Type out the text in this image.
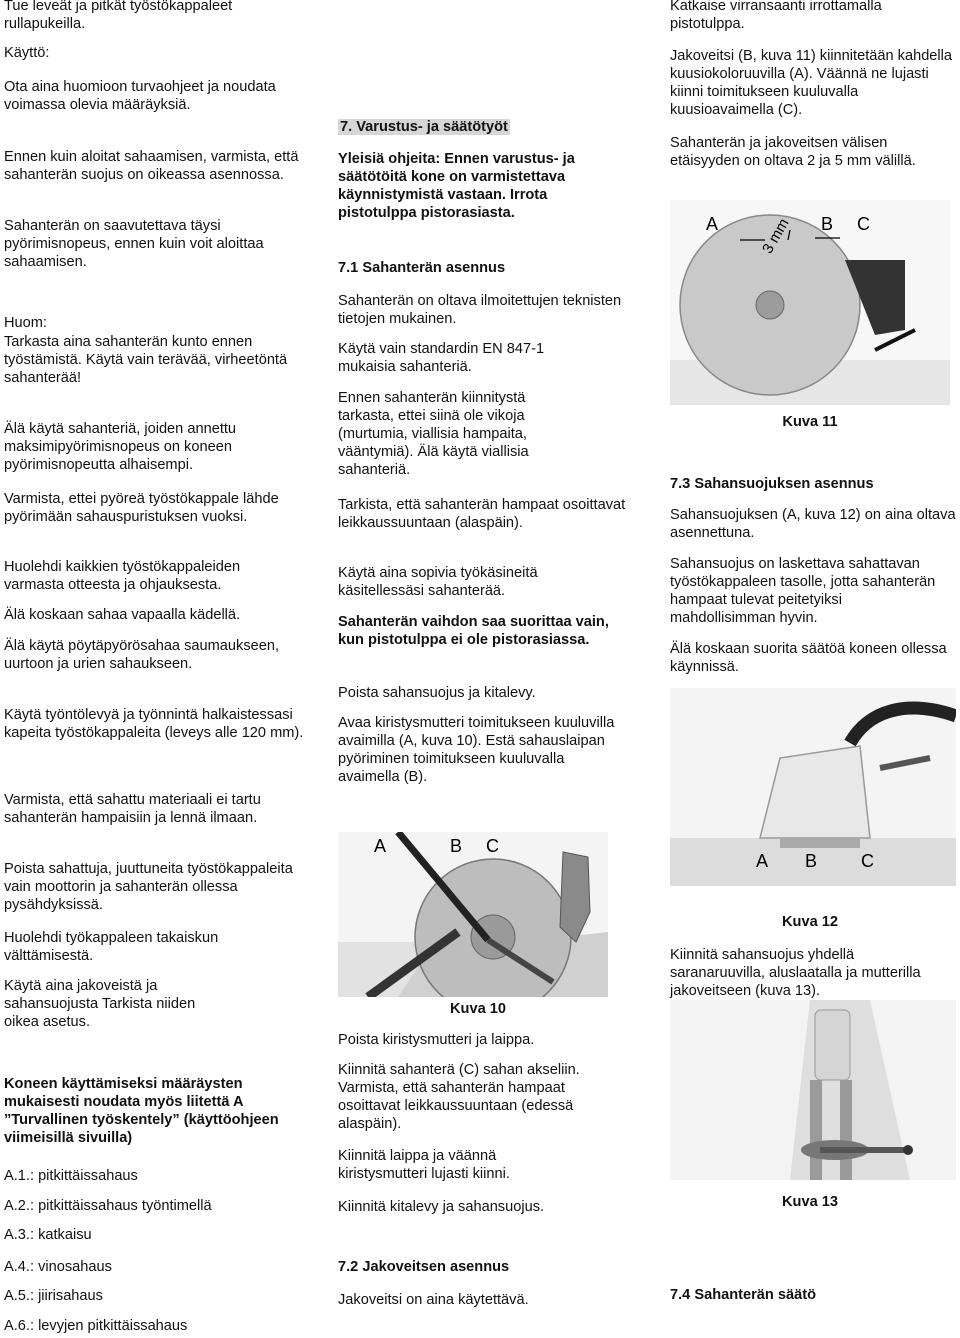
Tue leveät ja pitkät työstökappaleet rullapukeilla.

Käyttö:

Ota aina huomioon turvaohjeet ja noudata voimassa olevia määräyksiä.

Ennen kuin aloitat sahaamisen, varmista, että sahanterän suojus on oikeassa asennossa.

Sahanterän on saavutettava täysi pyörimisnopeus, ennen kuin voit aloittaa sahaamisen.

Huom:

Tarkasta aina sahanterän kunto ennen työstämistä. Käytä vain terävää, virheetöntä sahanterää!

Älä käytä sahanteriä, joiden annettu maksimipyörimisnopeus on koneen pyörimisnopeutta alhaisempi.

Varmista, ettei pyöreä työstökappale lähde pyörimään sahauspuristuksen vuoksi.

Huolehdi kaikkien työstökappaleiden varmasta otteesta ja ohjauksesta.

Älä koskaan sahaa vapaalla kädellä.

Älä käytä pöytäpyörösahaa saumaukseen, uurtoon ja urien sahaukseen.

Käytä työntölevyä ja työnnintä halkaistessasi kapeita työstökappaleita (leveys alle 120 mm).

Varmista, että sahattu materiaali ei tartu sahanterän hampaisiin ja lennä ilmaan.

Poista sahattuja, juuttuneita työstökappaleita vain moottorin ja sahanterän ollessa pysähdyksissä.

Huolehdi työkappaleen takaiskun välttämisestä.

Käytä aina jakoveistä ja sahansuojusta Tarkista niiden oikea asetus.

Koneen käyttämiseksi määräysten mukaisesti noudata myös liitettä A ”Turvallinen työskentely” (käyttöohjeen viimeisillä sivuilla)

A.1.: pitkittäissahaus

A.2.: pitkittäissahaus työntimellä

A.3.: katkaisu

A.4.: vinosahaus

A.5.: jiirisahaus

A.6.: levyjen pitkittäissahaus

7. Varustus- ja säätötyöt

Yleisiä ohjeita: Ennen varustus- ja säätötöitä kone on varmistettava käynnistymistä vastaan. Irrota pistotulppa pistorasiasta.

7.1 Sahanterän asennus

Sahanterän on oltava ilmoitettujen teknisten tietojen mukainen.

Käytä vain standardin EN 847-1 mukaisia sahanteriä.

Ennen sahanterän kiinnitystä tarkasta, ettei siinä ole vikoja (murtumia, viallisia hampaita, vääntymiä). Älä käytä viallisia sahanteriä.

Tarkista, että sahanterän hampaat osoittavat leikkaussuuntaan (alaspäin).

Käytä aina sopivia työkäsineitä käsitellessäsi sahanterää.

Sahanterän vaihdon saa suorittaa vain, kun pistotulppa ei ole pistorasiassa.

Poista sahansuojus ja kitalevy.

Avaa kiristysmutteri toimitukseen kuuluvilla avaimilla (A, kuva 10). Estä sahauslaipan pyöriminen toimitukseen kuuluvalla avaimella (B).

A	B C
Kuva 10

Poista kiristysmutteri ja laippa.

Kiinnitä sahanterä (C) sahan akseliin. Varmista, että sahanterän hampaat osoittavat leikkaussuuntaan (edessä alaspäin).

Kiinnitä laippa ja väännä kiristysmutteri lujasti kiinni.

Kiinnitä kitalevy ja sahansuojus.

7.2 Jakoveitsen asennus

Jakoveitsi on aina käytettävä.

Katkaise virransaanti irrottamalla pistotulppa.

Jakoveitsi (B, kuva 11) kiinnitetään kahdella kuusiokoloruuvilla (A). Väännä ne lujasti kiinni toimitukseen kuuluvalla kuusioavaimella (C).

Sahanterän ja jakoveitsen välisen etäisyyden on oltava 2 ja 5 mm välillä.

A	3 mm B C
Kuva 11

7.3 Sahansuojuksen asennus

Sahansuojuksen (A, kuva 12) on aina oltava asennettuna.

Sahansuojus on laskettava sahattavan työstökappaleen tasolle, jotta sahanterän hampaat tulevat peitetyiksi mahdollisimman hyvin.

Älä koskaan suorita säätöä koneen ollessa käynnissä.

A B C
Kuva 12

Kiinnitä sahansuojus yhdellä saranaruuvilla, aluslaatalla ja mutterilla jakoveitseen (kuva 13).

Kuva 13

7.4 Sahanterän säätö
